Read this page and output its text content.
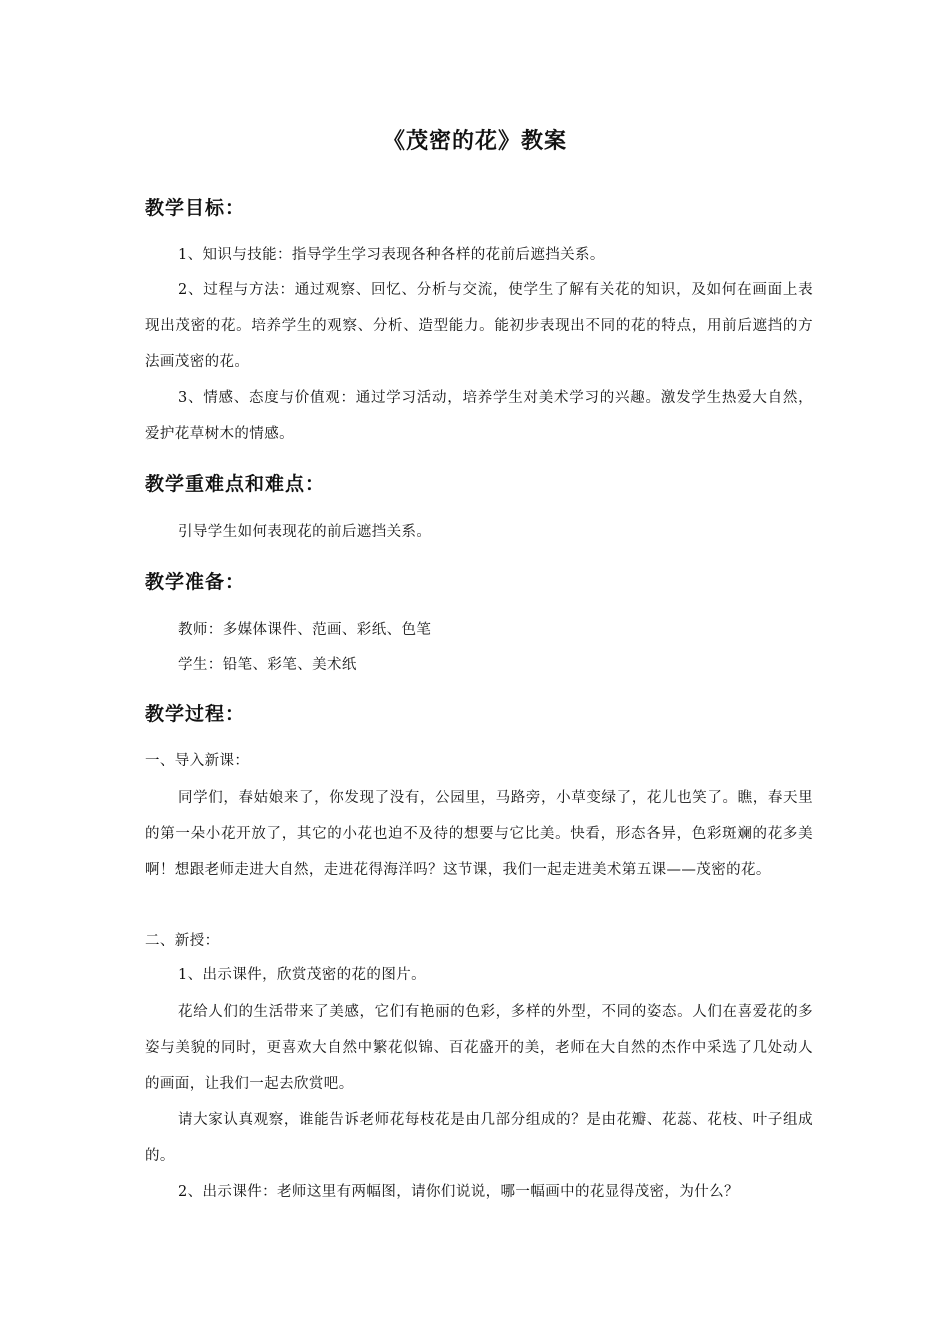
《茂密的花》教案
教学目标：
1、知识与技能：指导学生学习表现各种各样的花前后遮挡关系。
2、过程与方法：通过观察、回忆、分析与交流，使学生了解有关花的知识，及如何在画面上表现出茂密的花。培养学生的观察、分析、造型能力。能初步表现出不同的花的特点，用前后遮挡的方法画茂密的花。
3、情感、态度与价值观：通过学习活动，培养学生对美术学习的兴趣。激发学生热爱大自然，爱护花草树木的情感。
教学重难点和难点：
引导学生如何表现花的前后遮挡关系。
教学准备：
教师：多媒体课件、范画、彩纸、色笔
学生：铅笔、彩笔、美术纸
教学过程：
一、导入新课：
同学们，春姑娘来了，你发现了没有，公园里，马路旁，小草变绿了，花儿也笑了。瞧，春天里的第一朵小花开放了，其它的小花也迫不及待的想要与它比美。快看，形态各异，色彩斑斓的花多美啊！想跟老师走进大自然，走进花得海洋吗？这节课，我们一起走进美术第五课——茂密的花。
二、新授：
1、出示课件，欣赏茂密的花的图片。
花给人们的生活带来了美感，它们有艳丽的色彩，多样的外型，不同的姿态。人们在喜爱花的多姿与美貌的同时，更喜欢大自然中繁花似锦、百花盛开的美，老师在大自然的杰作中采选了几处动人的画面，让我们一起去欣赏吧。
请大家认真观察，谁能告诉老师花每枝花是由几部分组成的？是由花瓣、花蕊、花枝、叶子组成的。
2、出示课件：老师这里有两幅图，请你们说说，哪一幅画中的花显得茂密，为什么？
